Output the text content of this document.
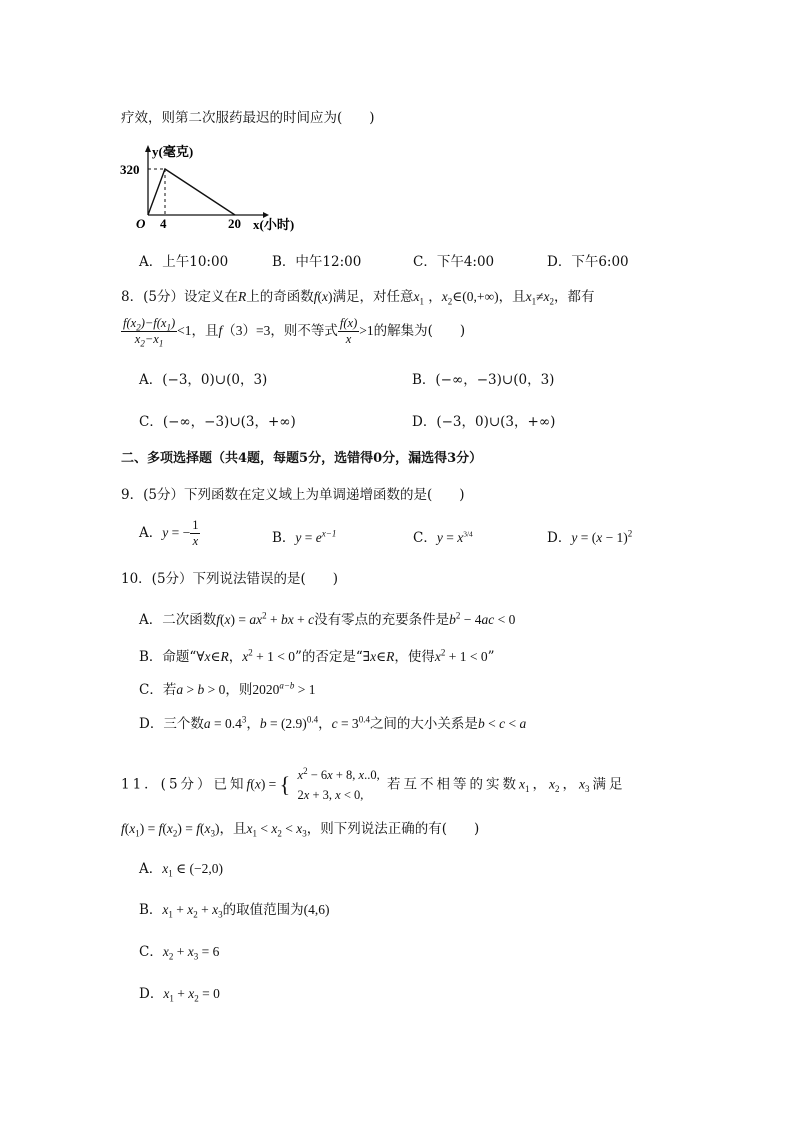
疗效，则第二次服药最迟的时间应为(　　)
y(毫克)
320
O 4	20 x(小时)
A．上午10:00	B．中午12:00	C．下午4:00	D．下午6:00
8．(5分）设定义在R上的奇函数f(x)满足，对任意$x_1$ ，$x_2\in(0,+\infty)$，且$x_1\ne x_2$，都有
$\frac{f(x_2)-f(x_1)}{x_2-x_1} <1$，且f（3）=3，则不等式 $\frac{f(x)}{x} >1$的解集为(　　)
A．(−3，0)∪(0，3)	B．(−∞，−3)∪(0，3)
C．(−∞，−3)∪(3，+∞)	D．(−3，0)∪(3，+∞)
二、多项选择题（共4题，每题5分，选错得0分，漏选得3分）
9．(5分）下列函数在定义域上为单调递增函数的是(　　)
A．y = − $\frac{1}{x}$	B．$y = e^{x-1}$	C．$y = x^{3/4}$	D．$y = (x - 1)^2$
10．(5分）下列说法错误的是(　　)
A．二次函数$f(x) = ax^2$ + bx + c没有零点的充要条件是$b^2 - 4ac < 0$
B．命题“∀x∈R，$x^2 + 1 < 0$”的否定是“∃x∈R，使得$x^2 + 1 < 0$”
C．若a > b > 0，则$2020^{a-b} > 1$
D．三个数$a = 0.4^3$，$b = (2.9)^{0.4}$，$c = 3^{0.4}$之间的大小关系是b < c < a
11．(5分）已知f(x) = { $x^2 - 6x + 8$, x..0,
2x + 3, x < 0,
若互不相等的实数$x_1$，$x_2$，$x_3$满足
$f(x_1) = f(x_2) = f(x_3)$，且$x_1 < x_2 < x_3$，则下列说法正确的有(　　)
A．$x_1$ ∈ (−2,0)
B．$x_1 + x_2 + x_3$的取值范围为(4,6)
C．$x_2 + x_3 = 6$
D．$x_1 + x_2 = 0$
